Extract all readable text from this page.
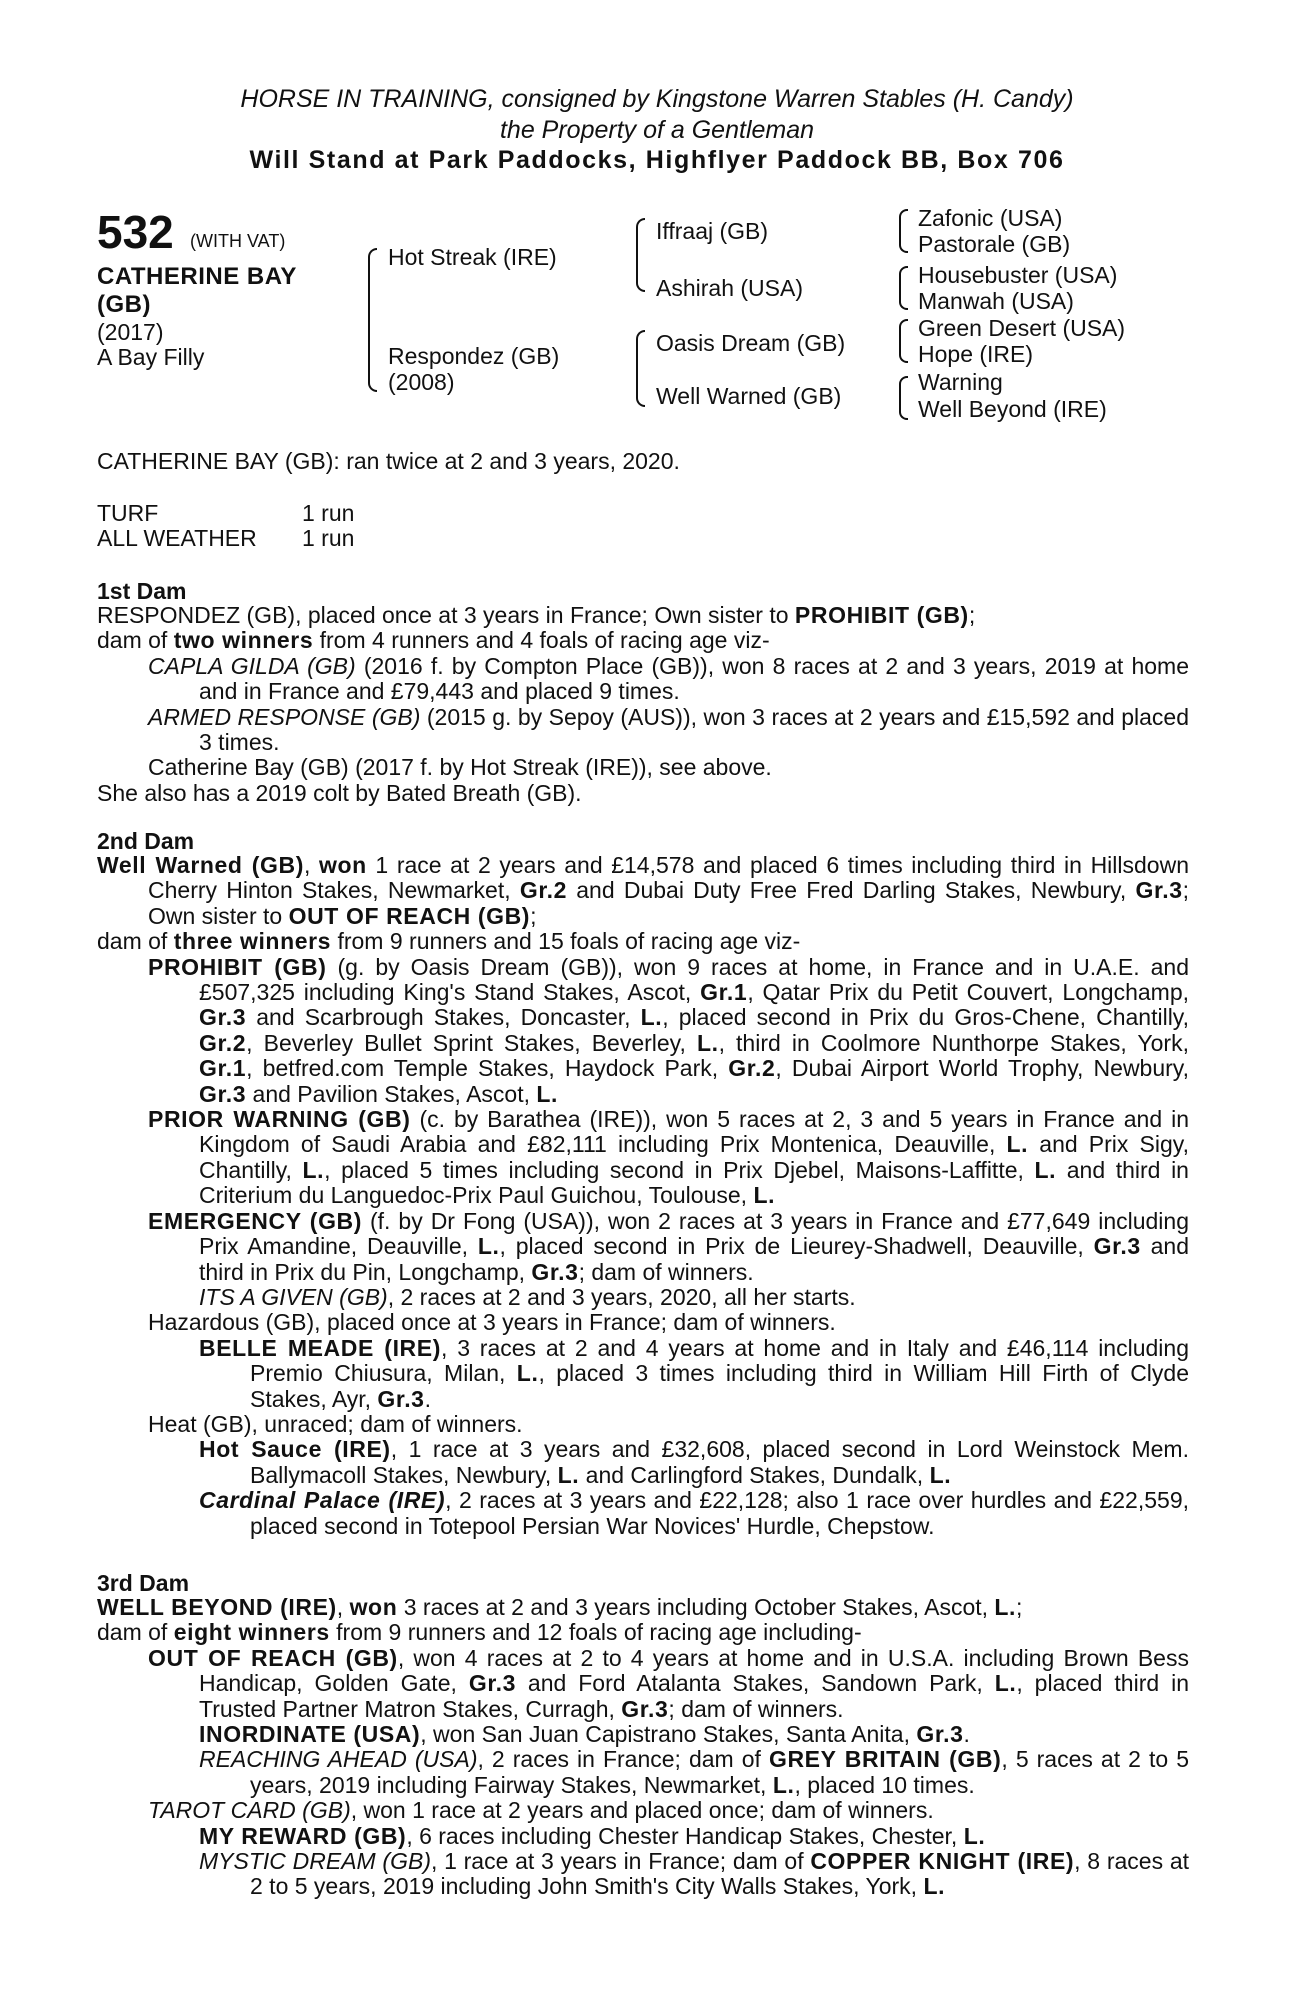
HORSE IN TRAINING, consigned by Kingstone Warren Stables (H. Candy)
the Property of a Gentleman
Will Stand at Park Paddocks, Highflyer Paddock BB, Box 706
532 (WITH VAT)
CATHERINE BAY (GB)
(2017)
A Bay Filly
Hot Streak (IRE)
Respondez (GB)
(2008)
Iffraaj (GB)
Ashirah (USA)
Oasis Dream (GB)
Well Warned (GB)
Zafonic (USA)
Pastorale (GB)
Housebuster (USA)
Manwah (USA)
Green Desert (USA)
Hope (IRE)
Warning
Well Beyond (IRE)
CATHERINE BAY (GB): ran twice at 2 and 3 years, 2020.
TURF	1 run
ALL WEATHER 1 run
1st Dam
RESPONDEZ (GB), placed once at 3 years in France; Own sister to PROHIBIT (GB);
dam of two winners from 4 runners and 4 foals of racing age viz-
CAPLA GILDA (GB) (2016 f. by Compton Place (GB)), won 8 races at 2 and 3 years, 2019 at home and in France and £79,443 and placed 9 times.
ARMED RESPONSE (GB) (2015 g. by Sepoy (AUS)), won 3 races at 2 years and £15,592 and placed 3 times.
Catherine Bay (GB) (2017 f. by Hot Streak (IRE)), see above.
She also has a 2019 colt by Bated Breath (GB).
2nd Dam
Well Warned (GB), won 1 race at 2 years and £14,578 and placed 6 times including third in Hillsdown Cherry Hinton Stakes, Newmarket, Gr.2 and Dubai Duty Free Fred Darling Stakes, Newbury, Gr.3; Own sister to OUT OF REACH (GB);
dam of three winners from 9 runners and 15 foals of racing age viz-
PROHIBIT (GB) (g. by Oasis Dream (GB)), won 9 races at home, in France and in U.A.E. and £507,325 including King's Stand Stakes, Ascot, Gr.1, Qatar Prix du Petit Couvert, Longchamp, Gr.3 and Scarbrough Stakes, Doncaster, L., placed second in Prix du Gros-Chene, Chantilly, Gr.2, Beverley Bullet Sprint Stakes, Beverley, L., third in Coolmore Nunthorpe Stakes, York, Gr.1, betfred.com Temple Stakes, Haydock Park, Gr.2, Dubai Airport World Trophy, Newbury, Gr.3 and Pavilion Stakes, Ascot, L.
PRIOR WARNING (GB) (c. by Barathea (IRE)), won 5 races at 2, 3 and 5 years in France and in Kingdom of Saudi Arabia and £82,111 including Prix Montenica, Deauville, L. and Prix Sigy, Chantilly, L., placed 5 times including second in Prix Djebel, Maisons-Laffitte, L. and third in Criterium du Languedoc-Prix Paul Guichou, Toulouse, L.
EMERGENCY (GB) (f. by Dr Fong (USA)), won 2 races at 3 years in France and £77,649 including Prix Amandine, Deauville, L., placed second in Prix de Lieurey-Shadwell, Deauville, Gr.3 and third in Prix du Pin, Longchamp, Gr.3; dam of winners.
ITS A GIVEN (GB), 2 races at 2 and 3 years, 2020, all her starts.
Hazardous (GB), placed once at 3 years in France; dam of winners.
BELLE MEADE (IRE), 3 races at 2 and 4 years at home and in Italy and £46,114 including Premio Chiusura, Milan, L., placed 3 times including third in William Hill Firth of Clyde Stakes, Ayr, Gr.3.
Heat (GB), unraced; dam of winners.
Hot Sauce (IRE), 1 race at 3 years and £32,608, placed second in Lord Weinstock Mem. Ballymacoll Stakes, Newbury, L. and Carlingford Stakes, Dundalk, L.
Cardinal Palace (IRE), 2 races at 3 years and £22,128; also 1 race over hurdles and £22,559, placed second in Totepool Persian War Novices' Hurdle, Chepstow.
3rd Dam
WELL BEYOND (IRE), won 3 races at 2 and 3 years including October Stakes, Ascot, L.;
dam of eight winners from 9 runners and 12 foals of racing age including-
OUT OF REACH (GB), won 4 races at 2 to 4 years at home and in U.S.A. including Brown Bess Handicap, Golden Gate, Gr.3 and Ford Atalanta Stakes, Sandown Park, L., placed third in Trusted Partner Matron Stakes, Curragh, Gr.3; dam of winners.
INORDINATE (USA), won San Juan Capistrano Stakes, Santa Anita, Gr.3.
REACHING AHEAD (USA), 2 races in France; dam of GREY BRITAIN (GB), 5 races at 2 to 5 years, 2019 including Fairway Stakes, Newmarket, L., placed 10 times.
TAROT CARD (GB), won 1 race at 2 years and placed once; dam of winners.
MY REWARD (GB), 6 races including Chester Handicap Stakes, Chester, L.
MYSTIC DREAM (GB), 1 race at 3 years in France; dam of COPPER KNIGHT (IRE), 8 races at 2 to 5 years, 2019 including John Smith's City Walls Stakes, York, L.
